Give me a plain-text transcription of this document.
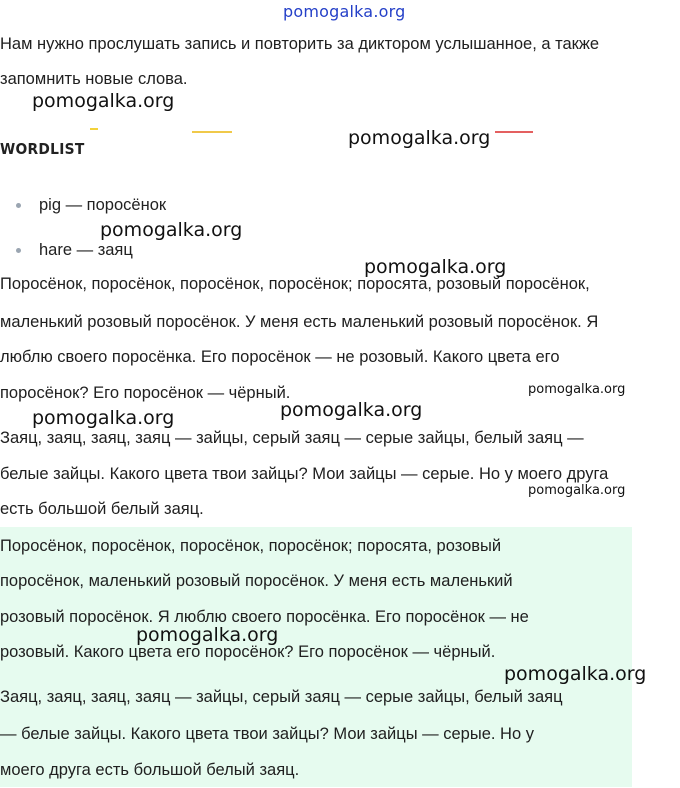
pomogalka.org
Нам нужно прослушать запись и повторить за диктором услышанное, а также
запомнить новые слова.
WORDLIST
pig — поросёнок
hare — заяц
Поросёнок, поросёнок, поросёнок, поросёнок; поросята, розовый поросёнок,
маленький розовый поросёнок. У меня есть маленький розовый поросёнок. Я
люблю своего поросёнка. Его поросёнок — не розовый. Какого цвета его
поросёнок? Его поросёнок — чёрный.
Заяц, заяц, заяц, заяц — зайцы, серый заяц — серые зайцы, белый заяц —
белые зайцы. Какого цвета твои зайцы? Мои зайцы — серые. Но у моего друга
есть большой белый заяц.
Поросёнок, поросёнок, поросёнок, поросёнок; поросята, розовый
поросёнок, маленький розовый поросёнок. У меня есть маленький
розовый поросёнок. Я люблю своего поросёнка. Его поросёнок — не
розовый. Какого цвета его поросёнок? Его поросёнок — чёрный.
Заяц, заяц, заяц, заяц — зайцы, серый заяц — серые зайцы, белый заяц
— белые зайцы. Какого цвета твои зайцы? Мои зайцы — серые. Но у
моего друга есть большой белый заяц.
pomogalka.org
pomogalka.org
pomogalka.org
pomogalka.org
pomogalka.org
pomogalka.org	pomogalka.org
pomogalka.org
pomogalka.org
pomogalka.org
